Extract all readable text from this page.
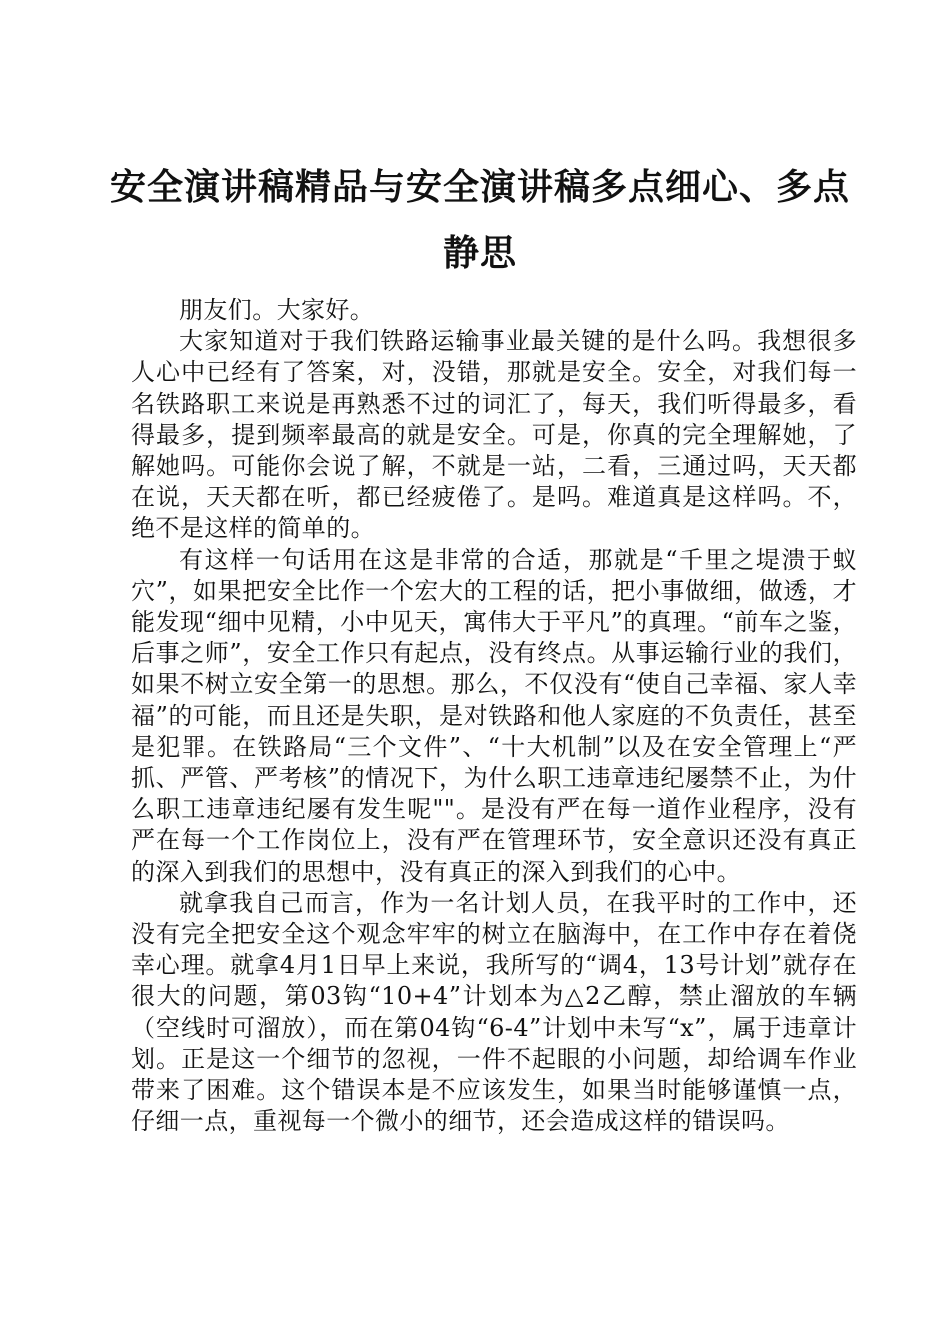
安全演讲稿精品与安全演讲稿多点细心、多点静思

朋友们。大家好。

大家知道对于我们铁路运输事业最关键的是什么吗。我想很多人心中已经有了答案，对，没错，那就是安全。安全，对我们每一名铁路职工来说是再熟悉不过的词汇了，每天，我们听得最多，看得最多，提到频率最高的就是安全。可是，你真的完全理解她，了解她吗。可能你会说了解，不就是一站，二看，三通过吗，天天都在说，天天都在听，都已经疲倦了。是吗。难道真是这样吗。不，绝不是这样的简单的。

有这样一句话用在这是非常的合适，那就是“千里之堤溃于蚁穴”，如果把安全比作一个宏大的工程的话，把小事做细，做透，才能发现“细中见精，小中见天，寓伟大于平凡”的真理。“前车之鉴，后事之师”，安全工作只有起点，没有终点。从事运输行业的我们，如果不树立安全第一的思想。那么，不仅没有“使自己幸福、家人幸福”的可能，而且还是失职，是对铁路和他人家庭的不负责任，甚至是犯罪。在铁路局“三个文件”、“十大机制”以及在安全管理上“严抓、严管、严考核”的情况下，为什么职工违章违纪屡禁不止，为什么职工违章违纪屡有发生呢""。是没有严在每一道作业程序，没有严在每一个工作岗位上，没有严在管理环节，安全意识还没有真正的深入到我们的思想中，没有真正的深入到我们的心中。

就拿我自己而言，作为一名计划人员，在我平时的工作中，还没有完全把安全这个观念牢牢的树立在脑海中，在工作中存在着侥幸心理。就拿4月1日早上来说，我所写的“调4，13号计划”就存在很大的问题，第03钩“10+4”计划本为△2乙醇，禁止溜放的车辆（空线时可溜放），而在第04钩“6-4”计划中未写“x”，属于违章计划。正是这一个细节的忽视，一件不起眼的小问题，却给调车作业带来了困难。这个错误本是不应该发生，如果当时能够谨慎一点，仔细一点，重视每一个微小的细节，还会造成这样的错误吗。
